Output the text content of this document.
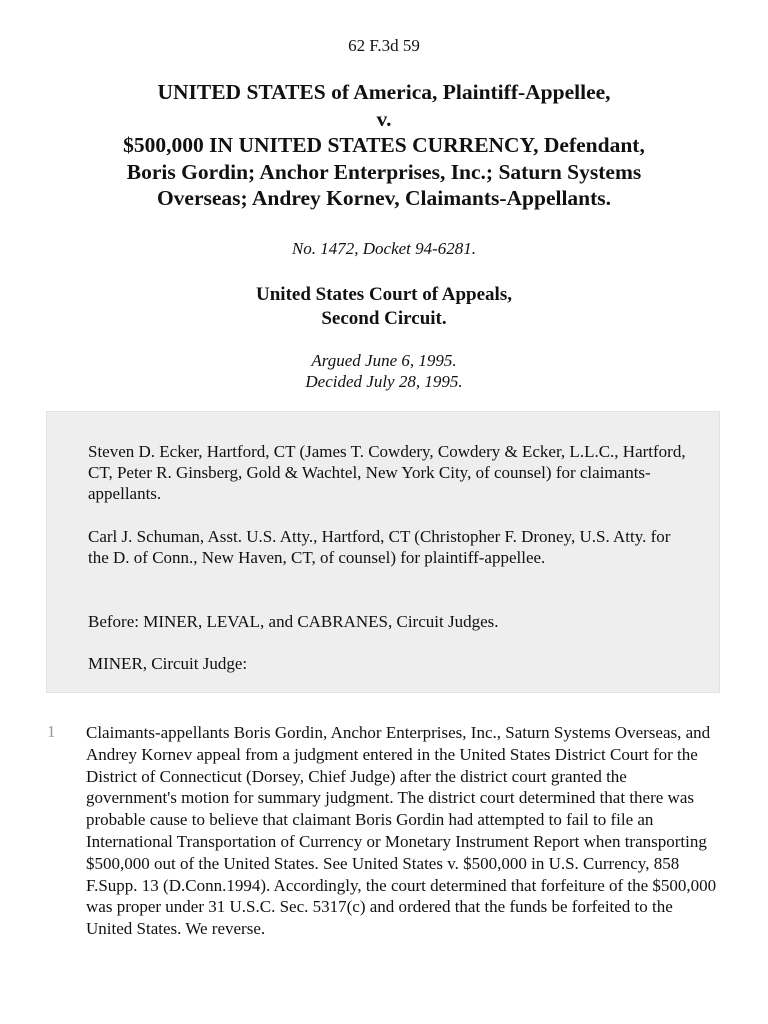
62 F.3d 59
UNITED STATES of America, Plaintiff-Appellee,
v.
$500,000 IN UNITED STATES CURRENCY, Defendant,
Boris Gordin; Anchor Enterprises, Inc.; Saturn Systems
Overseas; Andrey Kornev, Claimants-Appellants.
No. 1472, Docket 94-6281.
United States Court of Appeals,
Second Circuit.
Argued June 6, 1995.
Decided July 28, 1995.

Steven D. Ecker, Hartford, CT (James T. Cowdery, Cowdery & Ecker, L.L.C., Hartford, CT, Peter R. Ginsberg, Gold & Wachtel, New York City, of counsel) for claimants-appellants.

Carl J. Schuman, Asst. U.S. Atty., Hartford, CT (Christopher F. Droney, U.S. Atty. for the D. of Conn., New Haven, CT, of counsel) for plaintiff-appellee.

Before: MINER, LEVAL, and CABRANES, Circuit Judges.

MINER, Circuit Judge:

1 Claimants-appellants Boris Gordin, Anchor Enterprises, Inc., Saturn Systems Overseas, and Andrey Kornev appeal from a judgment entered in the United States District Court for the District of Connecticut (Dorsey, Chief Judge) after the district court granted the government's motion for summary judgment. The district court determined that there was probable cause to believe that claimant Boris Gordin had attempted to fail to file an International Transportation of Currency or Monetary Instrument Report when transporting $500,000 out of the United States. See United States v. $500,000 in U.S. Currency, 858 F.Supp. 13 (D.Conn.1994). Accordingly, the court determined that forfeiture of the $500,000 was proper under 31 U.S.C. Sec. 5317(c) and ordered that the funds be forfeited to the United States. We reverse.
